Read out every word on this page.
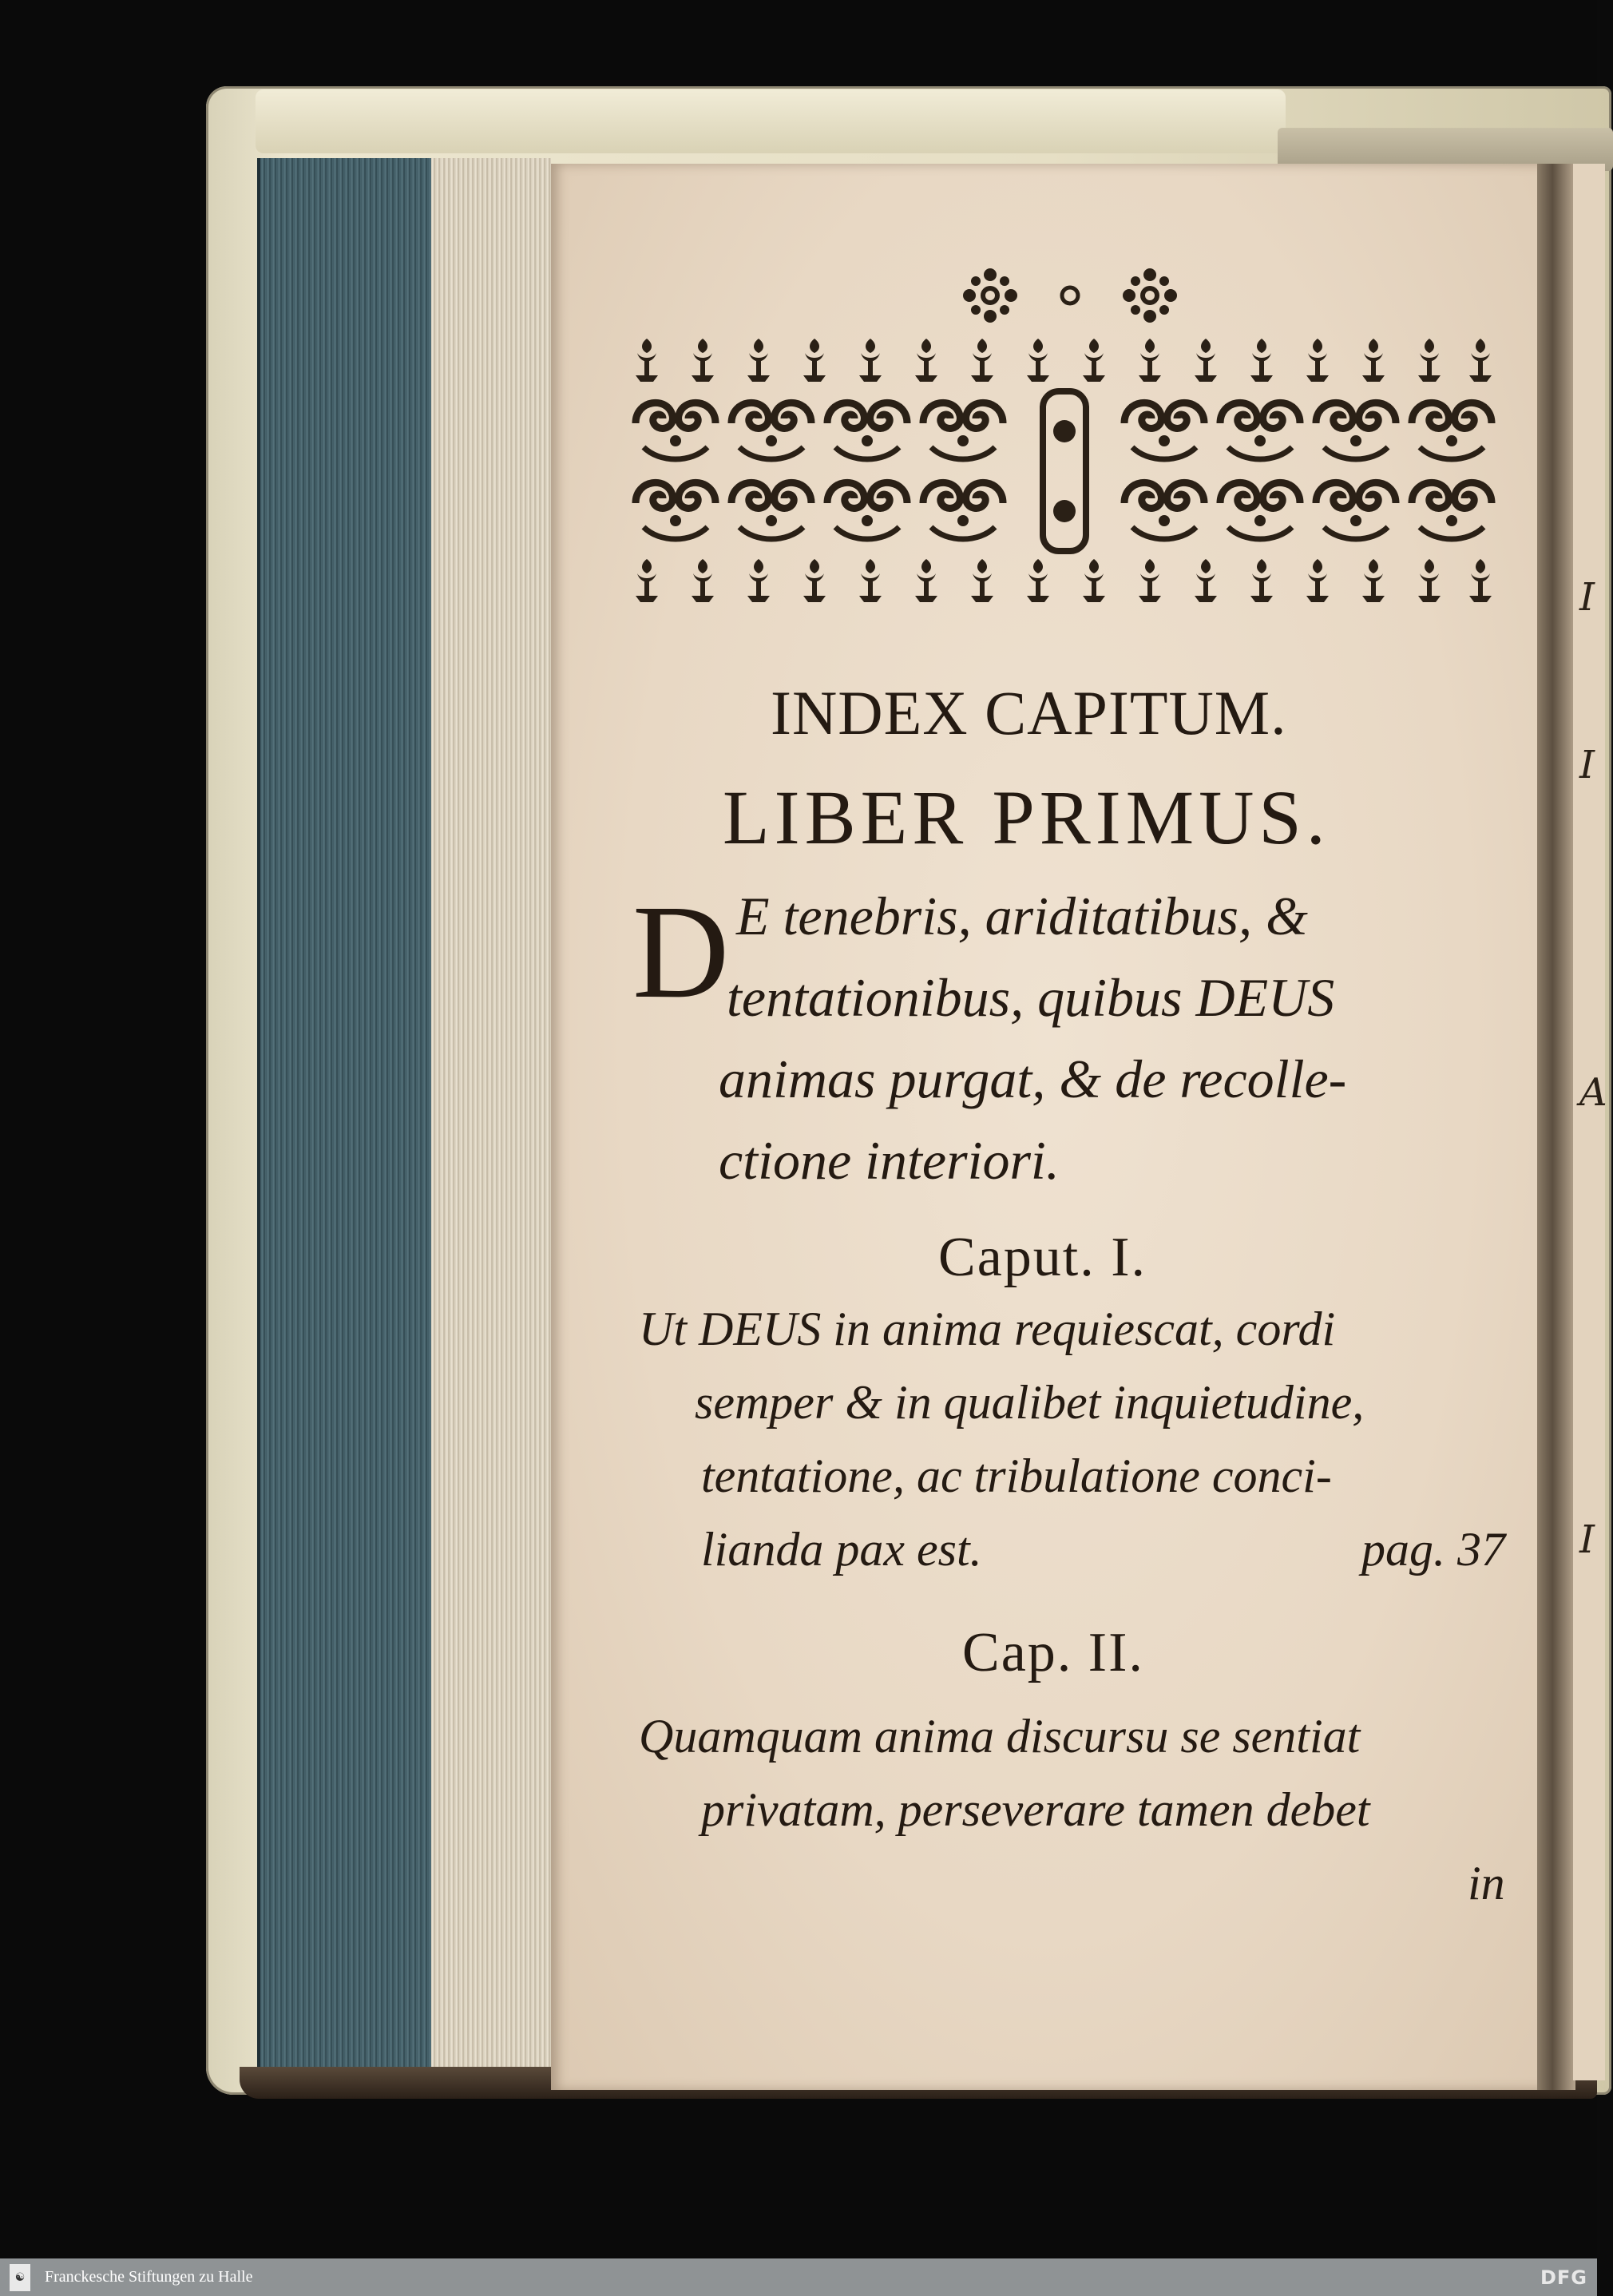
I
I
A
I
INDEX CAPITUM.
LIBER PRIMUS.
D E tenebris, ariditatibus, &
tentationibus, quibus DEUS
animas purgat, & de recolle-
ctione interiori.
Caput. I.
Ut DEUS in anima requiescat, cordi
semper & in qualibet inquietudine,
tentatione, ac tribulatione conci-
lianda pax est.	pag. 37
Cap. II.
Quamquam anima discursu se sentiat
privatam, perseverare tamen debet
in
☯	Franckesche Stiftungen zu Halle	DFG
